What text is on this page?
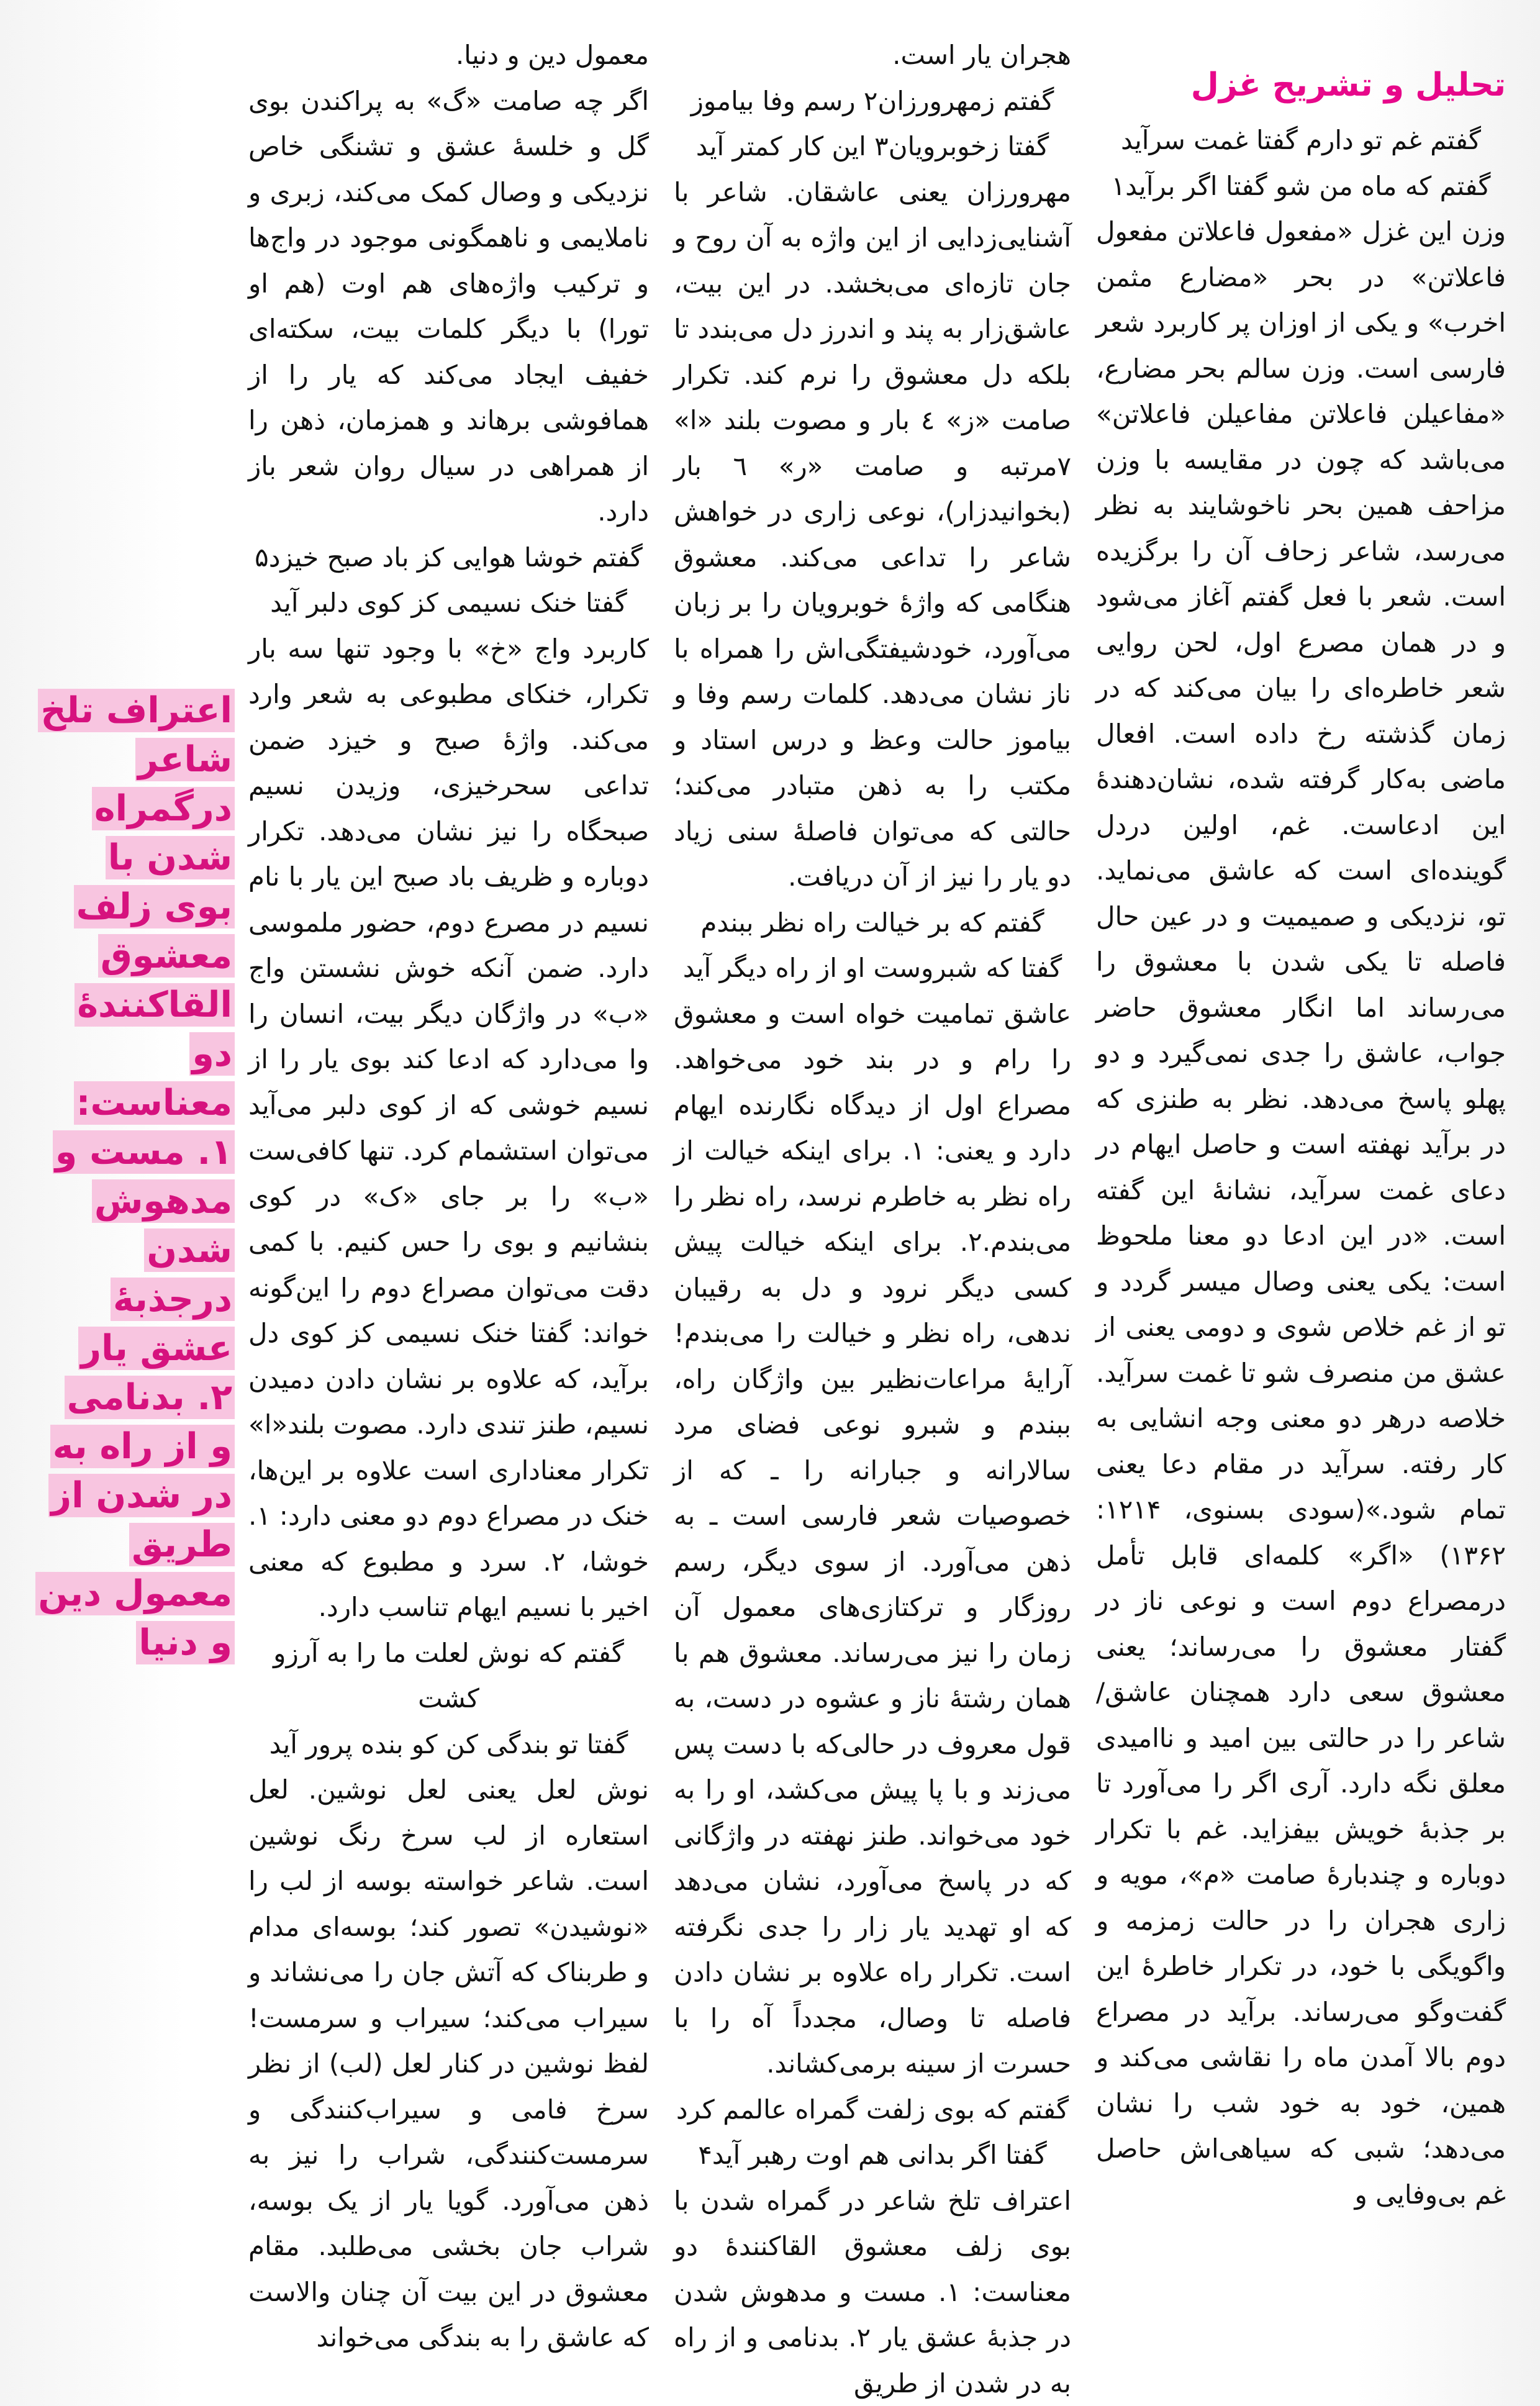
تحلیل و تشریح غزل

گفتم غم تو دارم گفتا غمت سرآید

گفتم که ماه من شو گفتا اگر برآید۱

وزن این غزل «مفعول فاعلاتن مفعول فاعلاتن» در بحر «مضارع مثمن اخرب» و یکی از اوزان پر کاربرد شعر فارسی است. وزن سالم بحر مضارع، «مفاعیلن فاعلاتن مفاعیلن فاعلاتن» می‌باشد که چون در مقایسه با وزن مزاحف همین بحر ناخوشایند به نظر می‌رسد، شاعر زحاف آن را برگزیده است. شعر با فعل گفتم آغاز می‌شود و در همان مصرع اول، لحن روایی شعر خاطره‌ای را بیان می‌کند که در زمان گذشته رخ داده است. افعال ماضی به‌کار گرفته شده، نشان‌دهندۀ این ادعاست. غم، اولین دردل گوینده‌ای است که عاشق می‌نماید. تو، نزدیکی و صمیمیت و در عین حال فاصله تا یکی شدن با معشوق را می‌رساند اما انگار معشوق حاضر جواب، عاشق را جدی نمی‌گیرد و دو پهلو پاسخ می‌دهد. نظر به طنزی که در برآید نهفته است و حاصل ایهام در دعای غمت سرآید، نشانۀ این گفته است. «در این ادعا دو معنا ملحوظ است: یکی یعنی وصال میسر گردد و تو از غم خلاص شوی و دومی یعنی از عشق من منصرف شو تا غمت سرآید. خلاصه درهر دو معنی وجه انشایی به کار رفته. سرآید در مقام دعا یعنی تمام شود.»(سودی بسنوی، ۱۲۱۴: ۱۳۶۲) «اگر» کلمه‌ای قابل تأمل درمصراع دوم است و نوعی ناز در گفتار معشوق را می‌رساند؛ یعنی معشوق سعی دارد همچنان عاشق/ شاعر را در حالتی بین امید و ناامیدی معلق نگه دارد. آری اگر را می‌آورد تا بر جذبۀ خویش بیفزاید. غم با تکرار دوباره و چندبارۀ صامت «م»، مویه و زاری هجران را در حالت زمزمه و واگویگی با خود، در تکرار خاطرۀ این گفت‌وگو می‌رساند. برآید در مصراع دوم بالا آمدن ماه را نقاشی می‌کند و همین، خود به خود شب را نشان می‌دهد؛ شبی که سیاهی‌اش حاصل غم بی‌وفایی و

هجران یار است.

گفتم زمهرورزان۲ رسم وفا بیاموز

گفتا زخوبرویان۳ این کار کمتر آید

مهرورزان یعنی عاشقان. شاعر با آشنایی‌زدایی از این واژه به آن روح و جان تازه‌ای می‌بخشد. در این بیت، عاشق‌زار به پند و اندرز دل می‌بندد تا بلکه دل معشوق را نرم کند. تکرار صامت «ز» ٤ بار و مصوت بلند «ا» ۷مرتبه و صامت «ر» ٦ بار (بخوانیدزار)، نوعی زاری در خواهش شاعر را تداعی می‌کند. معشوق هنگامی که واژۀ خوبرویان را بر زبان می‌آورد، خودشیفتگی‌اش را همراه با ناز نشان می‌دهد. کلمات رسم وفا و بیاموز حالت وعظ و درس استاد و مکتب را به ذهن متبادر می‌کند؛ حالتی که می‌توان فاصلۀ سنی زیاد دو یار را نیز از آن دریافت.

گفتم که بر خیالت راه نظر ببندم

گفتا که شبروست او از راه دیگر آید

عاشق تمامیت خواه است و معشوق را رام و در بند خود می‌خواهد. مصراع اول از دیدگاه نگارنده ایهام دارد و یعنی: ۱. برای اینکه خیالت از راه نظر به خاطرم نرسد، راه نظر را می‌بندم.۲. برای اینکه خیالت پیش کسی دیگر نرود و دل به رقیبان ندهی، راه نظر و خیالت را می‌بندم! آرایۀ مراعات‌نظیر بین واژگان راه، ببندم و شبرو نوعی فضای مرد سالارانه و جبارانه را ـ که از خصوصیات شعر فارسی است ـ به ذهن می‌آورد. از سوی دیگر، رسم روزگار و ترکتازی‌های معمول آن زمان را نیز می‌رساند. معشوق هم با همان رشتۀ ناز و عشوه در دست، به قول معروف در حالی‌که با دست پس می‌زند و با پا پیش می‌کشد، او را به خود می‌خواند. طنز نهفته در واژگانی که در پاسخ می‌آورد، نشان می‌دهد که او تهدید یار زار را جدی نگرفته است. تکرار راه علاوه بر نشان دادن فاصله تا وصال، مجدداً آه را با حسرت از سینه برمی‌کشاند.

گفتم که بوی زلفت گمراه عالمم کرد

گفتا اگر بدانی هم اوت رهبر آید۴

اعتراف تلخ شاعر در گمراه شدن با بوی زلف معشوق القاکنندۀ دو معناست: ۱. مست و مدهوش شدن در جذبۀ عشق یار ۲. بدنامی و از راه به در شدن از طریق

معمول دین و دنیا.

اگر چه صامت «گ» به پراکندن بوی گل و خلسۀ عشق و تشنگی خاص نزدیکی و وصال کمک می‌کند، زبری و ناملایمی و ناهمگونی موجود در واج‌ها و ترکیب واژه‌های هم اوت (هم او تورا) با دیگر کلمات بیت، سکته‌ای خفیف ایجاد می‌کند که یار را از همافوشی برهاند و همزمان، ذهن را از همراهی در سیال روان شعر باز دارد.

گفتم خوشا هوایی کز باد صبح خیزد۵

گفتا خنک نسیمی کز کوی دلبر آید

کاربرد واج «خ» با وجود تنها سه بار تکرار، خنکای مطبوعی به شعر وارد می‌کند. واژۀ صبح و خیزد ضمن تداعی سحرخیزی، وزیدن نسیم صبحگاه را نیز نشان می‌دهد. تکرار دوباره و ظریف باد صبح این یار با نام نسیم در مصرع دوم، حضور ملموسی دارد. ضمن آنکه خوش نشستن واج «ب» در واژگان دیگر بیت، انسان را وا می‌دارد که ادعا کند بوی یار را از نسیم خوشی که از کوی دلبر می‌آید می‌توان استشمام کرد. تنها کافی‌ست «ب» را بر جای «ک» در کوی بنشانیم و بوی را حس کنیم. با کمی دقت می‌توان مصراع دوم را این‌گونه خواند: گفتا خنک نسیمی کز کوی دل برآید، که علاوه بر نشان دادن دمیدن نسیم، طنز تندی دارد. مصوت بلند«ا» تکرار معناداری است علاوه بر این‌ها، خنک در مصراع دوم دو معنی دارد: ۱. خوشا، ۲. سرد و مطبوع که معنی اخیر با نسیم ایهام تناسب دارد.

گفتم که نوش لعلت ما را به آرزو کشت

گفتا تو بندگی کن کو بنده پرور آید

نوش لعل یعنی لعل نوشین. لعل استعاره از لب سرخ رنگ نوشین است. شاعر خواسته بوسه از لب را «نوشیدن» تصور کند؛ بوسه‌ای مدام و طربناک که آتش جان را می‌نشاند و سیراب می‌کند؛ سیراب و سرمست! لفظ نوشین در کنار لعل (لب) از نظر سرخ فامی و سیراب‌کنندگی و سرمست‌کنندگی، شراب را نیز به ذهن می‌آورد. گویا یار از یک بوسه، شراب جان بخشی می‌طلبد. مقام معشوق در این بیت آن چنان والاست که عاشق را به بندگی می‌خواند

اعتراف تلخ شاعر درگمراه شدن با بوی زلف معشوق القاکنندۀ دو معناست: ۱. مست و مدهوش شدن درجذبۀ عشق یار ۲. بدنامی و از راه به در شدن از طریق معمول دین و دنیا
